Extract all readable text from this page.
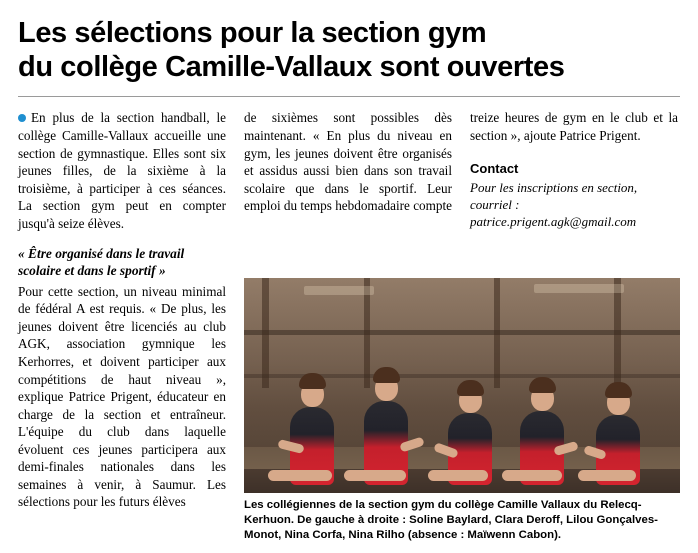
Les sélections pour la section gym
du collège Camille-Vallaux sont ouvertes

En plus de la section handball, le collège Camille-Vallaux accueille une section de gymnastique. Elles sont six jeunes filles, de la sixième à la troisième, à participer à ces séances. La section gym peut en compter jusqu'à seize élèves.

« Être organisé dans le travail scolaire et dans le sportif »

Pour cette section, un niveau minimal de fédéral A est requis. « De plus, les jeunes doivent être licenciés au club AGK, association gymnique les Kerhorres, et doivent participer aux compétitions de haut niveau », explique Patrice Prigent, éducateur en charge de la section et entraîneur. L'équipe du club dans laquelle évoluent ces jeunes participera aux demi-finales nationales dans les semaines à venir, à Saumur. Les sélections pour les futurs élèves

de sixièmes sont possibles dès maintenant. « En plus du niveau en gym, les jeunes doivent être organisés et assidus aussi bien dans son travail scolaire que dans le sportif. Leur emploi du temps hebdomadaire compte

treize heures de gym en le club et la section », ajoute Patrice Prigent.

Contact

Pour les inscriptions en section, courriel : patrice.prigent.agk@gmail.com

Les collégiennes de la section gym du collège Camille Vallaux du Relecq-Kerhuon. De gauche à droite : Soline Baylard, Clara Deroff, Lilou Gonçalves-Monot, Nina Corfa, Nina Rilho (absence : Maïwenn Cabon).
